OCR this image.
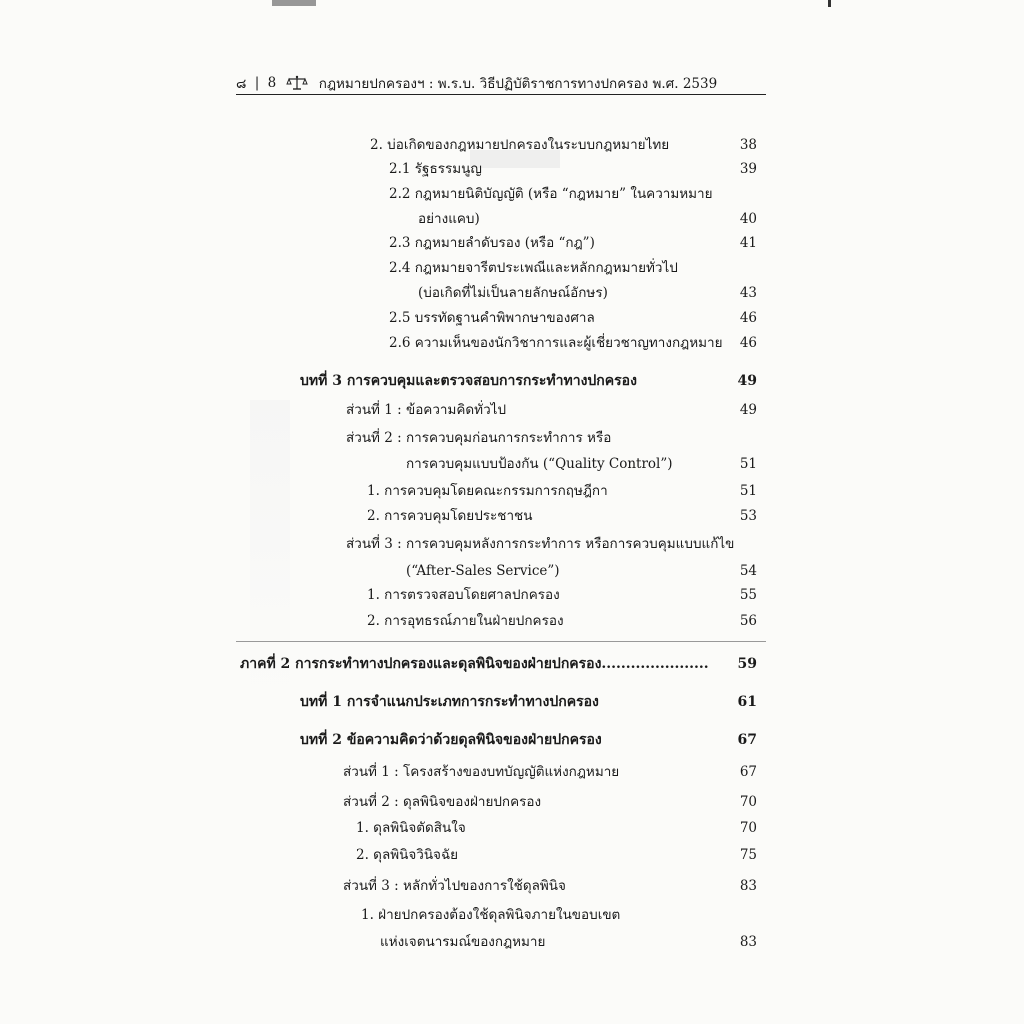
๘ | 8	กฎหมายปกครองฯ : พ.ร.บ. วิธีปฏิบัติราชการทางปกครอง พ.ศ. 2539
2. บ่อเกิดของกฎหมายปกครองในระบบกฎหมายไทย	38
2.1 รัฐธรรมนูญ	39
2.2 กฎหมายนิติบัญญัติ (หรือ “กฎหมาย” ในความหมาย
อย่างแคบ)	40
2.3 กฎหมายลำดับรอง (หรือ “กฎ”)	41
2.4 กฎหมายจารีตประเพณีและหลักกฎหมายทั่วไป
(บ่อเกิดที่ไม่เป็นลายลักษณ์อักษร)	43
2.5 บรรทัดฐานคำพิพากษาของศาล	46
2.6 ความเห็นของนักวิชาการและผู้เชี่ยวชาญทางกฎหมาย	46
บทที่ 3 การควบคุมและตรวจสอบการกระทำทางปกครอง	49
ส่วนที่ 1 : ข้อความคิดทั่วไป	49
ส่วนที่ 2 : การควบคุมก่อนการกระทำการ หรือ
การควบคุมแบบป้องกัน (“Quality Control”)	51
1. การควบคุมโดยคณะกรรมการกฤษฎีกา	51
2. การควบคุมโดยประชาชน	53
ส่วนที่ 3 : การควบคุมหลังการกระทำการ หรือการควบคุมแบบแก้ไข
(“After-Sales Service”)	54
1. การตรวจสอบโดยศาลปกครอง	55
2. การอุทธรณ์ภายในฝ่ายปกครอง	56
ภาคที่ 2 การกระทำทางปกครองและดุลพินิจของฝ่ายปกครอง......................	59
บทที่ 1 การจำแนกประเภทการกระทำทางปกครอง	61
บทที่ 2 ข้อความคิดว่าด้วยดุลพินิจของฝ่ายปกครอง	67
ส่วนที่ 1 : โครงสร้างของบทบัญญัติแห่งกฎหมาย	67
ส่วนที่ 2 : ดุลพินิจของฝ่ายปกครอง	70
1. ดุลพินิจตัดสินใจ	70
2. ดุลพินิจวินิจฉัย	75
ส่วนที่ 3 : หลักทั่วไปของการใช้ดุลพินิจ	83
1. ฝ่ายปกครองต้องใช้ดุลพินิจภายในขอบเขต
แห่งเจตนารมณ์ของกฎหมาย	83
